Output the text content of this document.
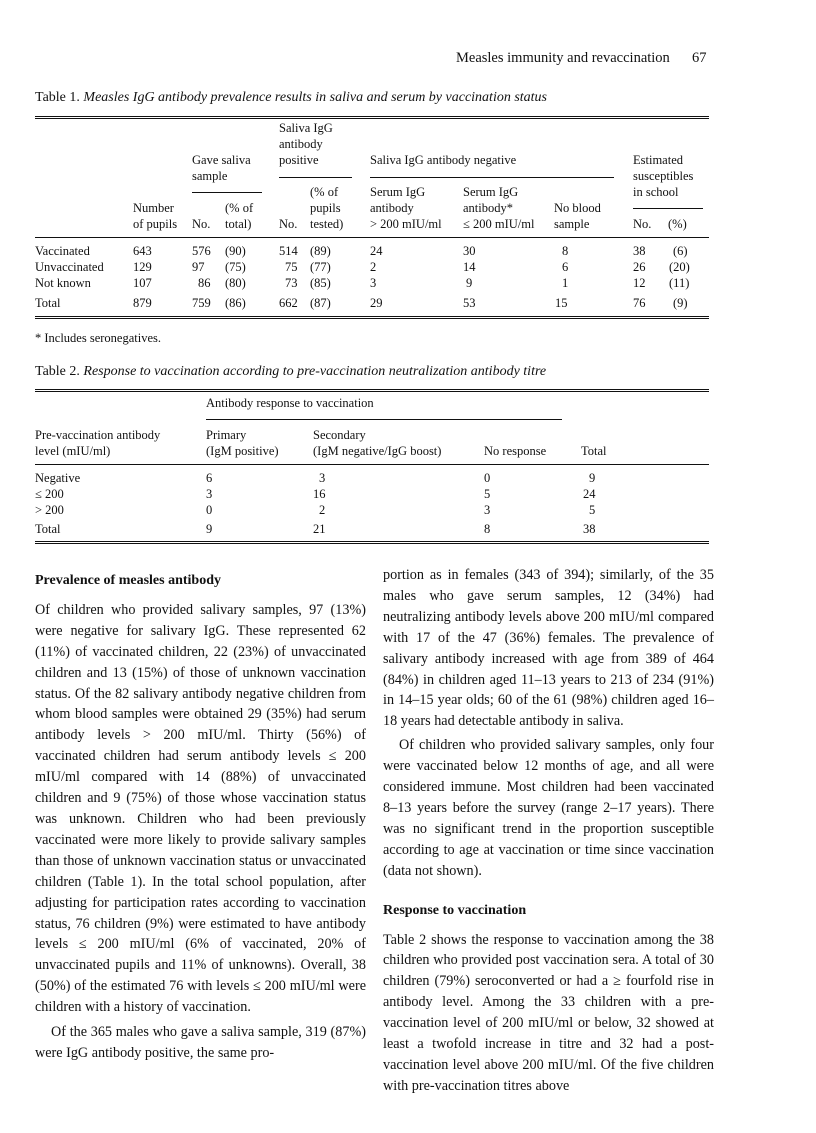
Measles immunity and revaccination 67
Table 1. Measles IgG antibody prevalence results in saliva and serum by vaccination status
Number
of pupils
Gave saliva
sample
No.
(% of
total)
Saliva IgG
antibody
positive
No.
(% of
pupils
tested)
Saliva IgG antibody negative
Serum IgG
antibody
> 200 mIU/ml
Serum IgG
antibody*
≤ 200 mIU/ml
No blood
sample
Estimated
susceptibles
in school
No. (%)
Vaccinated	643	576 (90)	514 (89)	24	30	8	38 (6)
Unvaccinated 129	97 (75)	75 (77)	2	14	6	26 (20)
Not known	107	86 (80)	73 (85)	3	9	1	12 (11)
Total	879	759 (86)	662 (87)	29	53	15	76 (9)
* Includes seronegatives.
Table 2. Response to vaccination according to pre-vaccination neutralization antibody titre
Antibody response to vaccination
Pre-vaccination antibody
level (mIU/ml)
Primary
(IgM positive)
Secondary
(IgM negative/IgG boost)	No response	Total
Negative	6	3	0	9
≤ 200	3	16	5	24
> 200	0	2	3	5
Total	9	21	8	38
Prevalence of measles antibody

Of children who provided salivary samples, 97 (13%) were negative for salivary IgG. These represented 62 (11%) of vaccinated children, 22 (23%) of unvaccinated children and 13 (15%) of those of unknown vaccination status. Of the 82 salivary antibody negative children from whom blood samples were obtained 29 (35%) had serum antibody levels > 200 mIU/ml. Thirty (56%) of vaccinated children had serum antibody levels ≤ 200 mIU/ml compared with 14 (88%) of unvaccinated children and 9 (75%) of those whose vaccination status was unknown. Children who had been previously vaccinated were more likely to provide salivary samples than those of unknown vaccination status or unvaccinated children (Table 1). In the total school population, after adjusting for participation rates according to vaccination status, 76 children (9%) were estimated to have antibody levels ≤ 200 mIU/ml (6% of vaccinated, 20% of unvaccinated pupils and 11% of unknowns). Overall, 38 (50%) of the estimated 76 with levels ≤ 200 mIU/ml were children with a history of vaccination.

Of the 365 males who gave a saliva sample, 319 (87%) were IgG antibody positive, the same pro-

portion as in females (343 of 394); similarly, of the 35 males who gave serum samples, 12 (34%) had neutralizing antibody levels above 200 mIU/ml compared with 17 of the 47 (36%) females. The prevalence of salivary antibody increased with age from 389 of 464 (84%) in children aged 11–13 years to 213 of 234 (91%) in 14–15 year olds; 60 of the 61 (98%) children aged 16–18 years had detectable antibody in saliva.

Of children who provided salivary samples, only four were vaccinated below 12 months of age, and all were considered immune. Most children had been vaccinated 8–13 years before the survey (range 2–17 years). There was no significant trend in the proportion susceptible according to age at vaccination or time since vaccination (data not shown).

Response to vaccination

Table 2 shows the response to vaccination among the 38 children who provided post vaccination sera. A total of 30 children (79%) seroconverted or had a ≥ fourfold rise in antibody level. Among the 33 children with a pre-vaccination level of 200 mIU/ml or below, 32 showed at least a twofold increase in titre and 32 had a post-vaccination level above 200 mIU/ml. Of the five children with pre-vaccination titres above
